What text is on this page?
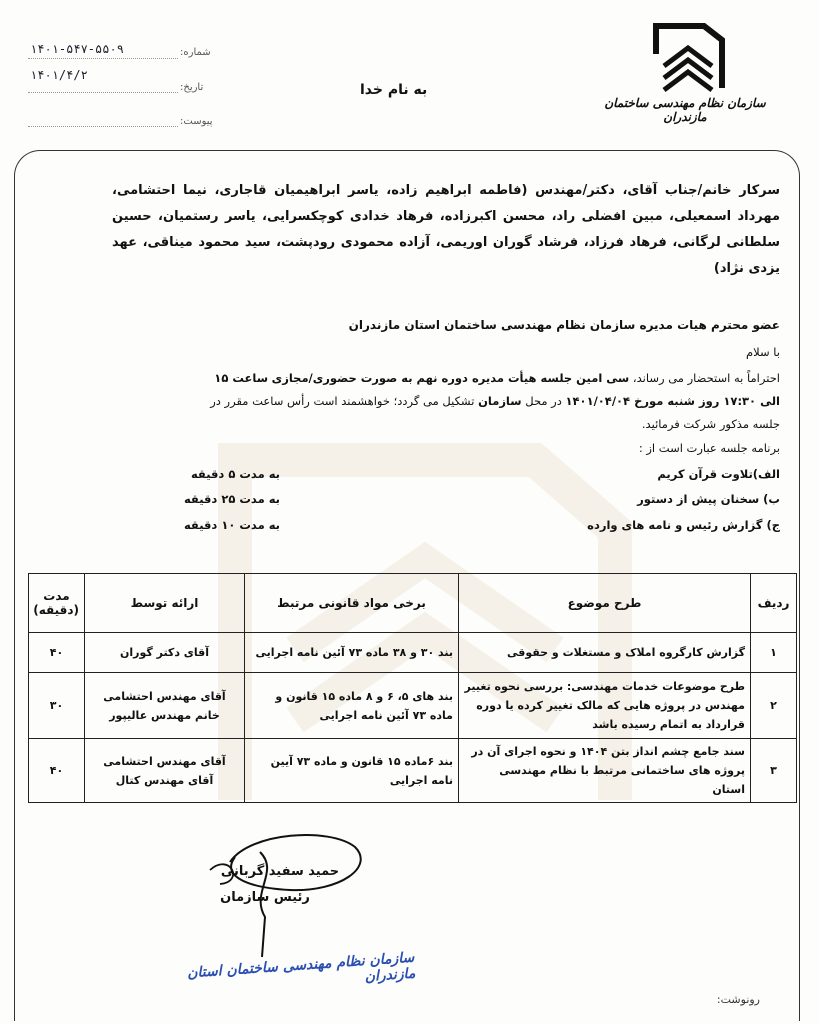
۱۴۰۱-۵۴۷-۵۵۰۹	شماره:
۱۴۰۱/۴/۲
تاریخ:
پیوست:
به نام خدا
سازمان نظام مهندسی ساختمان مازندران
سرکار خانم/جناب آقای، دکتر/مهندس (فاطمه ابراهیم زاده، یاسر ابراهیمیان قاجاری، نیما احتشامی، مهرداد اسمعیلی، مبین افضلی راد، محسن اکبرزاده، فرهاد خدادی کوچکسرایی، یاسر رستمیان، حسین سلطانی لرگانی، فرهاد فرزاد، فرشاد گوران اوریمی، آزاده محمودی رودپشت، سید محمود میناقی، عهد یزدی نژاد)
عضو محترم هیات مدیره سازمان نظام مهندسی ساختمان استان مازندران
با سلام
احتراماً به استحضار می رساند، سی امین جلسه هیأت مدیره دوره نهم به صورت حضوری/مجازی ساعت ۱۵
الی ۱۷:۳۰ روز شنبه مورخ ۱۴۰۱/۰۴/۰۴ در محل سازمان تشکیل می گردد؛ خواهشمند است رأس ساعت مقرر در
جلسه مذکور شرکت فرمائید.
برنامه جلسه عبارت است از :
الف)تلاوت قرآن کریم
به مدت ۵ دقیقه
ب) سخنان پیش از دستور
به مدت ۲۵ دقیقه
ج) گزارش رئیس و نامه های وارده
به مدت ۱۰ دقیقه
ردیف	طرح موضوع	برخی مواد قانونی مرتبط	ارائه توسط	مدت (دقیقه)
۱	گزارش کارگروه املاک و مستغلات و حقوقی	بند ۳۰ و ۳۸ ماده ۷۳ آئین نامه اجرایی	آقای دکتر گوران	۴۰
۲	طرح موضوعات خدمات مهندسی: بررسی نحوه تغییر مهندس در پروژه هایی که مالک تغییر کرده یا دوره قرارداد به اتمام رسیده باشد	بند های ۵، ۶ و ۸ ماده ۱۵ قانون و ماده ۷۳ آئین نامه اجرایی	آقای مهندس احتشامی خانم مهندس عالیپور	۳۰
۳	سند جامع چشم انداز بتن ۱۴۰۴ و نحوه اجرای آن در پروژه های ساختمانی مرتبط با نظام مهندسی استان	بند ۶ماده ۱۵ قانون و ماده ۷۳ آیین نامه اجرایی	آقای مهندس احتشامی آقای مهندس کتال	۴۰
حمید سفید گربانی
رئیس سازمان
سازمان نظام مهندسی ساختمان استان مازندران
رونوشت:
